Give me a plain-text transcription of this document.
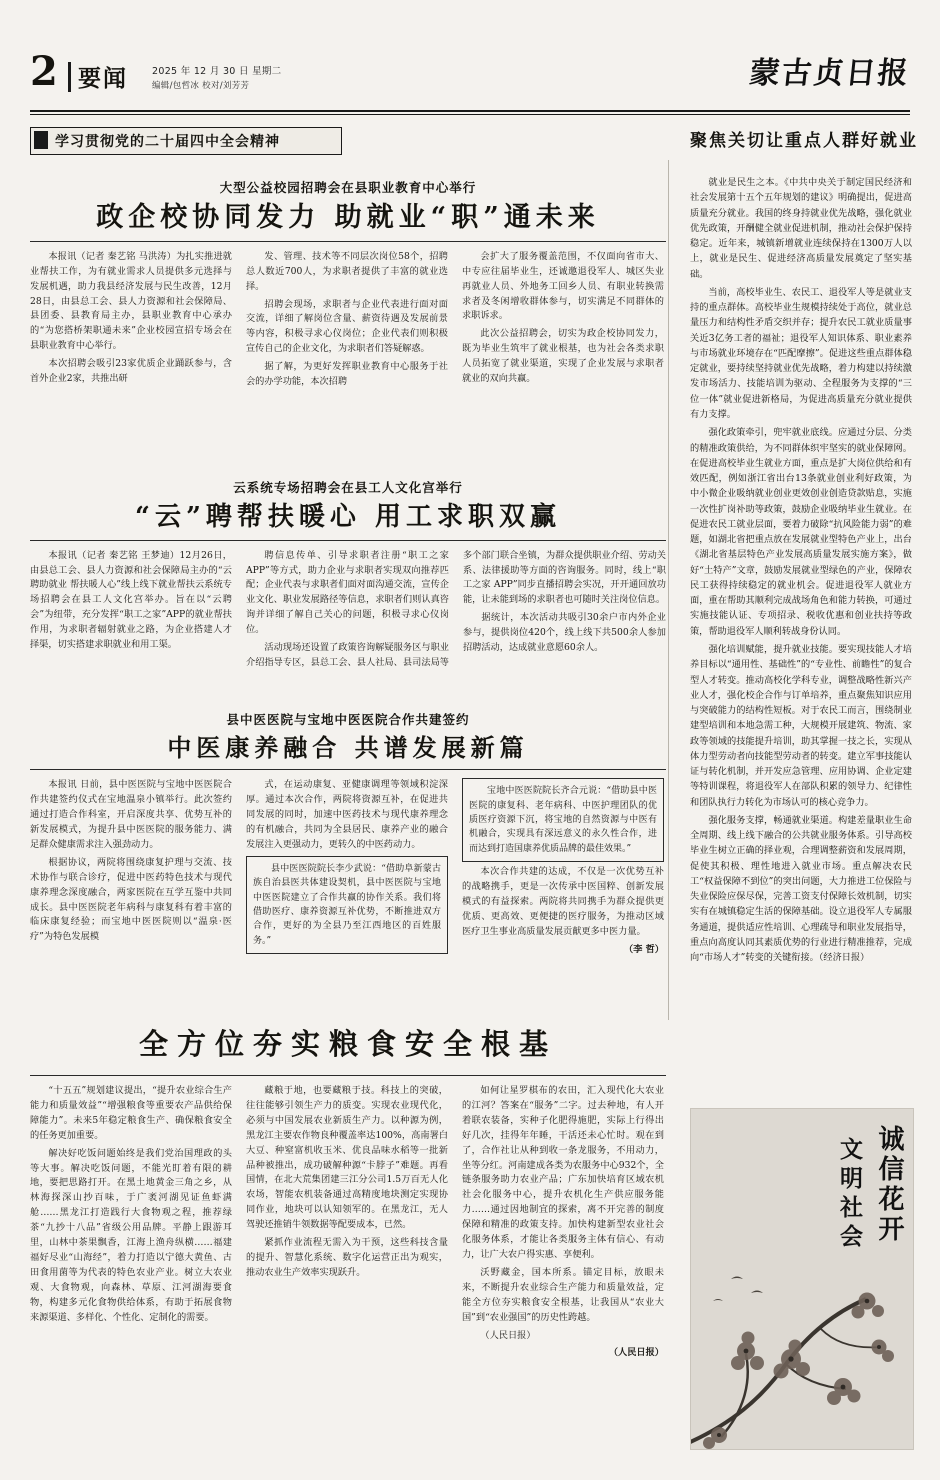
2 要闻	2025 年 12 月 30 日 星期二
编辑/包哲冰 校对/刘芳芳	蒙古贞日报
学习贯彻党的二十届四中全会精神	聚焦关切让重点人群好就业
大型公益校园招聘会在县职业教育中心举行
政企校协同发力 助就业“职”通未来

本报讯（记者 秦艺铭 马洪涛）为扎实推进就业帮扶工作，为有就业需求人员提供多元选择与发展机遇，助力我县经济发展与民生改善，12月28日，由县总工会、县人力资源和社会保障局、县团委、县教育局主办，县职业教育中心承办的“为您搭桥架职通未来”企业校园宣招专场会在县职业教育中心举行。

本次招聘会吸引23家优质企业踊跃参与，含首外企业2家，共推出研

发、管理、技术等不同层次岗位58个，招聘总人数近700人，为求职者提供了丰富的就业选择。

招聘会现场，求职者与企业代表进行面对面交流，详细了解岗位含量、薪资待遇及发展前景等内容，积极寻求心仪岗位；企业代表们则积极宣传自己的企业文化，为求职者们答疑解惑。

据了解，为更好发挥职业教育中心服务于社会的办学功能，本次招聘

会扩大了服务覆盖范围，不仅面向省市大、中专应往届毕业生，还诚邀退役军人、城区失业再就业人员、外地务工回乡人员、有职业转换需求者及冬闲增收群体参与，切实满足不同群体的求职诉求。

此次公益招聘会，切实为政企校协同发力，既为毕业生筑牢了就业根基，也为社会各类求职人员拓宽了就业渠道，实现了企业发展与求职者就业的双向共赢。

云系统专场招聘会在县工人文化宫举行
“云”聘帮扶暖心 用工求职双赢

本报讯（记者 秦艺铭 王梦迪）12月26日，由县总工会、县人力资源和社会保障局主办的“云聘助就业 帮扶暖人心”线上线下就业帮扶云系统专场招聘会在县工人文化宫举办。旨在以“云聘会”为纽带，充分发挥“职工之家”APP的就业帮扶作用，为求职者辐射就业之路，为企业搭建人才择渠，切实搭建求职就业和用工渠。

聘信息传单、引导求职者注册“职工之家 APP”等方式，助力企业与求职者实现双向推荐匹配；企业代表与求职者们面对面沟通交流，宣传企业文化、职业发展路径等信息，求职者们则认真咨询并详细了解自己关心的问题，积极寻求心仪岗位。

活动现场还设置了政策咨询解疑服务区与职业介绍指导专区，县总工会、县人社局、县司法局等多个部门联合坐镇，为群众提供职业介绍、劳动关系、法律援助等方面的咨询服务。同时，线上“职工之家 APP”同步直播招聘会实况，开开通回放功能，让未能到场的求职者也可随时关注岗位信息。

据统计，本次活动共吸引30余户市内外企业参与，提供岗位420个，线上线下共500余人参加招聘活动，达成就业意愿60余人。

县中医医院与宝地中医医院合作共建签约
中医康养融合 共谱发展新篇

本报讯 日前，县中医医院与宝地中医医院合作共建签约仪式在宝地温泉小镇举行。此次签约通过打造合作科室，开启深度共享、优势互补的新发展模式，为提升县中医医院的服务能力、满足群众健康需求注入强劲动力。

根据协议，两院将围绕康复护理与交流、技术协作与联合诊疗，促进中医药特色技术与现代康养理念深度融合，两家医院在互学互鉴中共同成长。县中医医院老年病科与康复科有着丰富的临床康复经验；而宝地中医医院则以“温泉·医疗”为特色发展模

式，在运动康复、亚健康调理等领域积淀深厚。通过本次合作，两院将资源互补，在促进共同发展的同时，加速中医药技术与现代康养理念的有机融合，共同为全县居民、康养产业的融合发展注入更强动力，更转久的中医药动力。

县中医医院院长李少武说：“借助阜新蒙古族自治县医共体建设契机，县中医医院与宝地中医医院建立了合作共赢的协作关系。我们将借助医疗、康养资源互补优势，不断推进双方合作，更好的为全县乃至江西地区的百姓服务。”

宝地中医医院院长齐合元说：“借助县中医医院的康复科、老年病科、中医护理团队的优质医疗资源下沉，将宝地的自然资源与中医有机融合，实现具有深远意义的永久性合作，进而达到打造国康养优质品牌的最佳效果。”

本次合作共建的达成，不仅是一次优势互补的战略携手，更是一次传承中医国粹、创新发展模式的有益探索。两院将共同携手为群众提供更优质、更高效、更便捷的医疗服务，为推动区域医疗卫生事业高质量发展贡献更多中医力量。

（李 哲）

全方位夯实粮食安全根基

“十五五”规划建议提出，“提升农业综合生产能力和质量效益”“增强粮食等重要农产品供给保障能力”。未来5年稳定粮食生产、确保粮食安全的任务更加重要。

解决好吃饭问题始终是我们党治国理政的头等大事。解决吃饭问题，不能光盯着有限的耕地，要把思路打开。在黑土地黄金三角之乡，从林海探深山抄百味，于广袤河湖见证鱼虾满舱……黑龙江打造践行大食物观之程，推荐绿茶“九抄十八品”省级公用品牌。平静上跟游耳里，山林中茶果飘香，江海上渔舟纵横……福建福好尽业“山海经”，着力打造以宁德大黄鱼、古田食用菌等为代表的特色农业产业。树立大农业观、大食物观，向森林、草原、江河湖海要食物，构建多元化食物供给体系，有助于拓展食物来源渠道、多样化、个性化、定制化的需要。

藏粮于地，也要藏粮于技。科技上的突破，往往能够引领生产力的质变。实现农业现代化，必须与中国发展农业新质生产力。以种源为例，黑龙江主要农作物良种覆盖率达100%，高南署白大豆、种窒富机收玉米、优良品味水稻等一批新品种被推出，成功破解种源“卡脖子”难题。再看国情，在北大荒集团建三江分公司1.5万百无人化农场，智能农机装备通过高精度地块测定实现协同作业，地块可以认知领军的。在黑龙江，无人驾驶还推销牛领数据等配要成本，已然。

紧抓作业流程无需入为干预，这些科技含量的提升、智慧化系统、数字化运营正出为观实，推动农业生产效率实现跃升。

如何让星罗棋布的农田，汇入现代化大农业的江河？答案在“服务”二字。过去种地，有人开着联农装备，实种子化肥得施肥，实际上行得出好几次，挂得年年睡，干活还未心忙时。观在到了，合作社让从种到收一条龙服务，不用动力，坐等分红。河南建成各类为农服务中心932个，全链条服务助力农业产品；广东加快培育区域农机社会化服务中心，提升农机化生产供应服务能力……通过因地制宜的探索，离不开完善的制度保障和精准的政策支持。加快构建新型农业社会化服务体系，才能让各类服务主体有信心、有动力，让广大农户得实惠、享便利。

沃野藏金，国本所系。锚定目标，放眼未来，不断提升农业综合生产能力和质量效益，定能全方位夯实粮食安全根基，让我国从“农业大国”到“农业强国”的历史性跨越。

（人民日报）

（人民日报）

就业是民生之本。《中共中央关于制定国民经济和社会发展第十五个五年规划的建议》明确提出，促进高质量充分就业。我国的终身持就业优先战略，强化就业优先政策，开酬健全就业促进机制，推动社会保护保持稳定。近年来，城镇新增就业连续保持在1300万人以上，就业是民生、促进经济高质量发展奠定了坚实基础。

当前，高校毕业生、农民工、退役军人等是就业支持的重点群体。高校毕业生规模持续处于高位，就业总量压力和结构性矛盾交织并存；提升农民工就业质量事关近3亿务工者的福祉；退役军人知识体系、职业素养与市场就业环境存在“匹配摩擦”。促进这些重点群体稳定就业，要持续坚持就业优先战略，着力构建以持续激发市场活力、技能培训为驱动、全程服务为支撑的“三位一体”就业促进新格局，为促进高质量充分就业提供有力支撑。

强化政策牵引，兜牢就业底线。应通过分层、分类的精准政策供给，为不同群体织牢坚实的就业保障网。在促进高校毕业生就业方面，重点是扩大岗位供给和有效匹配，例如浙江省出台13条就业创业利好政策，为中小微企业吸纳就业创业更效创业创造贷款贴息，实施一次性扩岗补助等政策，鼓励企业吸纳毕业生就业。在促进农民工就业层面，要着力破除“抗风险能力弱”的难题，如湖北省把重点放在发展就业型特色产业上，出台《湖北省基层特色产业发展高质量发展实施方案》，做好“土特产”文章，鼓励发展就业型绿色的产业，保障农民工获得持续稳定的就业机会。促进退役军人就业方面，重在帮助其顺利完成战场角色和能力转换，可通过实施技能认证、专项招录、税收优惠和创业扶持等政策，帮助退役军人顺利转战身份认同。

强化培训赋能，提升就业技能。要实现技能人才培养目标以“通用性、基础性”的“专业性、前瞻性”的复合型人才转变。推动高校化学科专业，调整战略性新兴产业人才，强化校企合作与订单培养，重点聚焦知识应用与突破能力的结构性短板。对于农民工而言，围绕制业建型培训和本地急需工种，大规模开展建筑、物流、家政等领域的技能提升培训，助其掌握一技之长，实现从体力型劳动者向技能型劳动者的转变。建立军事技能认证与转化机制，并开发应急管理、应用协调、企业定建等特训课程，将退役军人在部队积累的领导力、纪律性和团队执行力转化为市场认可的核心竞争力。

强化服务支撑，畅通就业渠道。构建差量职业生命全周期、线上线下融合的公共就业服务体系。引导高校毕业生树立正确的择业观，合理调整薪资和发展周期，促使其积极、理性地进入就业市场。重点解决农民工“权益保障不到位”的突出问题，大力推进工位保险与失业保险应保尽保，完善工资支付保障长效机制，切实实有在城镇稳定生活的保障基础。设立退役军人专属服务通道，提供适应性培训、心理疏导和职业发展指导，重点向高度认同其素质优势的行业进行精准推荐，完成向“市场人才”转变的关键衔接。（经济日报）

诚信花开
文明社会
